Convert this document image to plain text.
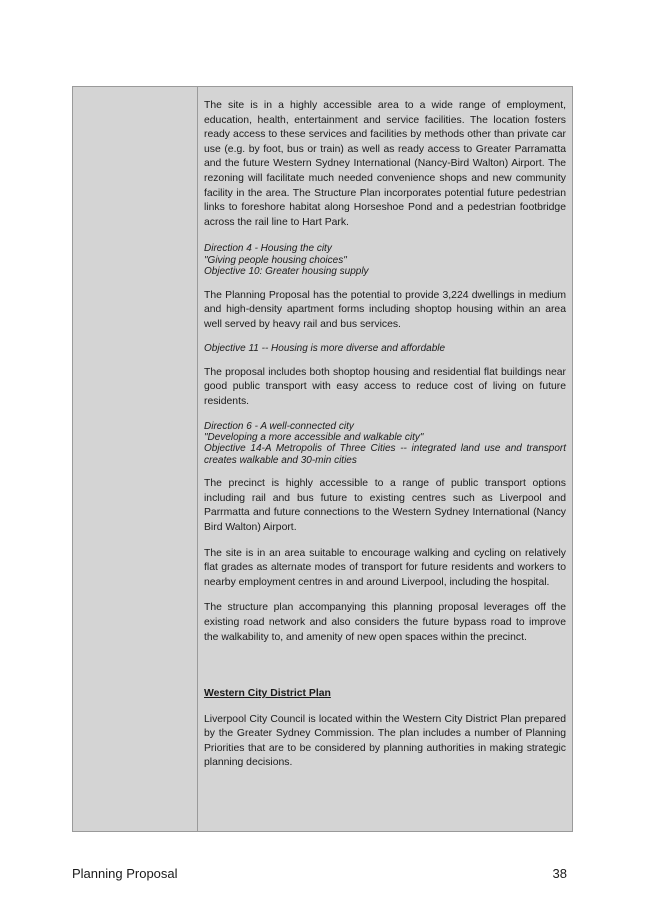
The site is in a highly accessible area to a wide range of employment, education, health, entertainment and service facilities. The location fosters ready access to these services and facilities by methods other than private car use (e.g. by foot, bus or train) as well as ready access to Greater Parramatta and the future Western Sydney International (Nancy-Bird Walton) Airport. The rezoning will facilitate much needed convenience shops and new community facility in the area. The Structure Plan incorporates potential future pedestrian links to foreshore habitat along Horseshoe Pond and a pedestrian footbridge across the rail line to Hart Park.

Direction 4 - Housing the city

"Giving people housing choices"

Objective 10: Greater housing supply

The Planning Proposal has the potential to provide 3,224 dwellings in medium and high-density apartment forms including shoptop housing within an area well served by heavy rail and bus services.

Objective 11 -- Housing is more diverse and affordable

The proposal includes both shoptop housing and residential flat buildings near good public transport with easy access to reduce cost of living on future residents.

Direction 6 - A well-connected city

"Developing a more accessible and walkable city"

Objective 14-A Metropolis of Three Cities -- integrated land use and transport creates walkable and 30-min cities

The precinct is highly accessible to a range of public transport options including rail and bus future to existing centres such as Liverpool and Parrmatta and future connections to the Western Sydney International (Nancy Bird Walton) Airport.

The site is in an area suitable to encourage walking and cycling on relatively flat grades as alternate modes of transport for future residents and workers to nearby employment centres in and around Liverpool, including the hospital.

The structure plan accompanying this planning proposal leverages off the existing road network and also considers the future bypass road to improve the walkability to, and amenity of new open spaces within the precinct.

Western City District Plan

Liverpool City Council is located within the Western City District Plan prepared by the Greater Sydney Commission. The plan includes a number of Planning Priorities that are to be considered by planning authorities in making strategic planning decisions.

Planning Proposal	38
